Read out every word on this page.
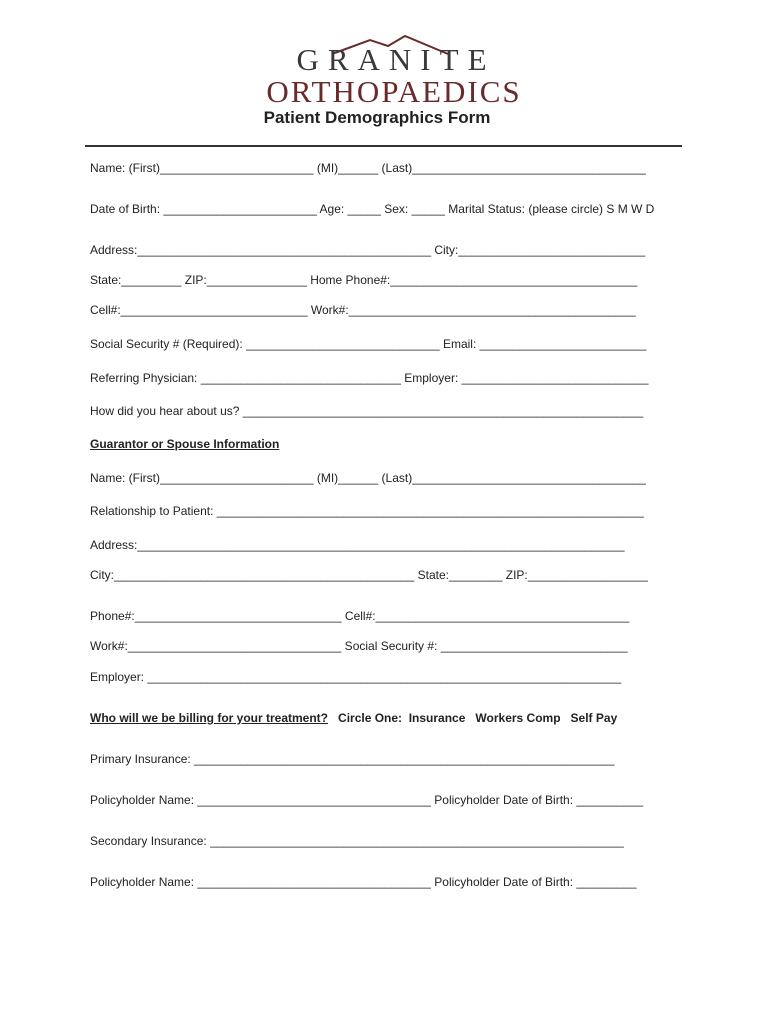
GRANITE
ORTHOPAEDICS
Patient Demographics Form
Name: (First)_______________________ (MI)______ (Last)___________________________________
Date of Birth: _______________________ Age: _____ Sex: _____ Marital Status: (please circle) S M W D
Address:____________________________________________ City:____________________________
State:_________ ZIP:_______________ Home Phone#:_____________________________________
Cell#:____________________________ Work#:___________________________________________
Social Security # (Required): _____________________________ Email: _________________________
Referring Physician: ______________________________ Employer: ____________________________
How did you hear about us? ____________________________________________________________
Guarantor or Spouse Information
Name: (First)_______________________ (MI)______ (Last)___________________________________
Relationship to Patient: ________________________________________________________________
Address:_________________________________________________________________________
City:_____________________________________________ State:________ ZIP:__________________
Phone#:_______________________________ Cell#:______________________________________
Work#:________________________________ Social Security #: ____________________________
Employer: _______________________________________________________________________
Who will we be billing for your treatment? Circle One:  Insurance   Workers Comp   Self Pay
Primary Insurance: _______________________________________________________________
Policyholder Name: ___________________________________ Policyholder Date of Birth: __________
Secondary Insurance: ______________________________________________________________
Policyholder Name: ___________________________________ Policyholder Date of Birth: _________
